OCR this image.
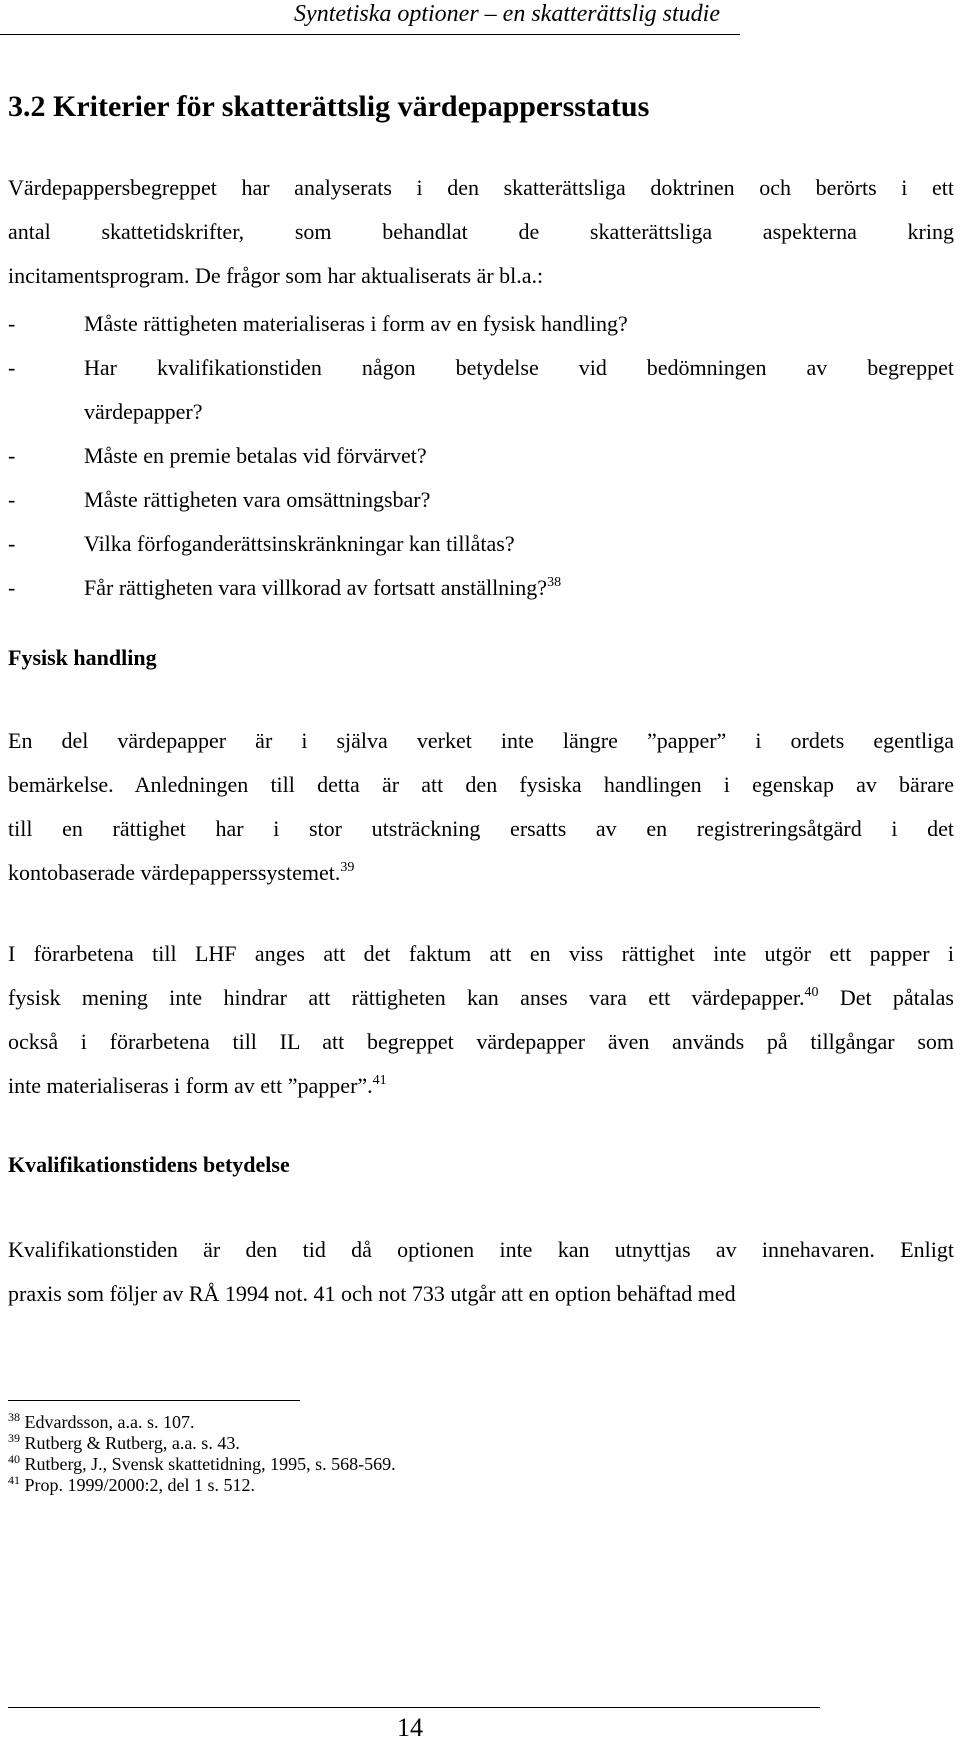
Syntetiska optioner – en skatterättslig studie
3.2 Kriterier för skatterättslig värdepappersstatus
Värdepappersbegreppet har analyserats i den skatterättsliga doktrinen och berörts i ett
antal skattetidskrifter, som behandlat de skatterättsliga aspekterna kring
incitamentsprogram. De frågor som har aktualiserats är bl.a.:
-	Måste rättigheten materialiseras i form av en fysisk handling?
-	Har kvalifikationstiden någon betydelse vid bedömningen av begreppet
värdepapper?
-	Måste en premie betalas vid förvärvet?
-	Måste rättigheten vara omsättningsbar?
-	Vilka förfoganderättsinskränkningar kan tillåtas?
-	Får rättigheten vara villkorad av fortsatt anställning?$^{38}$
Fysisk handling
En del värdepapper är i själva verket inte längre ”papper” i ordets egentliga
bemärkelse. Anledningen till detta är att den fysiska handlingen i egenskap av bärare
till en rättighet har i stor utsträckning ersatts av en registreringsåtgärd i det
kontobaserade värdepapperssystemet.$^{39}$
I förarbetena till LHF anges att det faktum att en viss rättighet inte utgör ett papper i
fysisk mening inte hindrar att rättigheten kan anses vara ett värdepapper.$^{40}$ Det påtalas
också i förarbetena till IL att begreppet värdepapper även används på tillgångar som
inte materialiseras i form av ett ”papper”.$^{41}$
Kvalifikationstidens betydelse
Kvalifikationstiden är den tid då optionen inte kan utnyttjas av innehavaren. Enligt
praxis som följer av RÅ 1994 not. 41 och not 733 utgår att en option behäftad med
$^{38}$ Edvardsson, a.a. s. 107.
$^{39}$ Rutberg & Rutberg, a.a. s. 43.
$^{40}$ Rutberg, J., Svensk skattetidning, 1995, s. 568-569.
$^{41}$ Prop. 1999/2000:2, del 1 s. 512.
14
